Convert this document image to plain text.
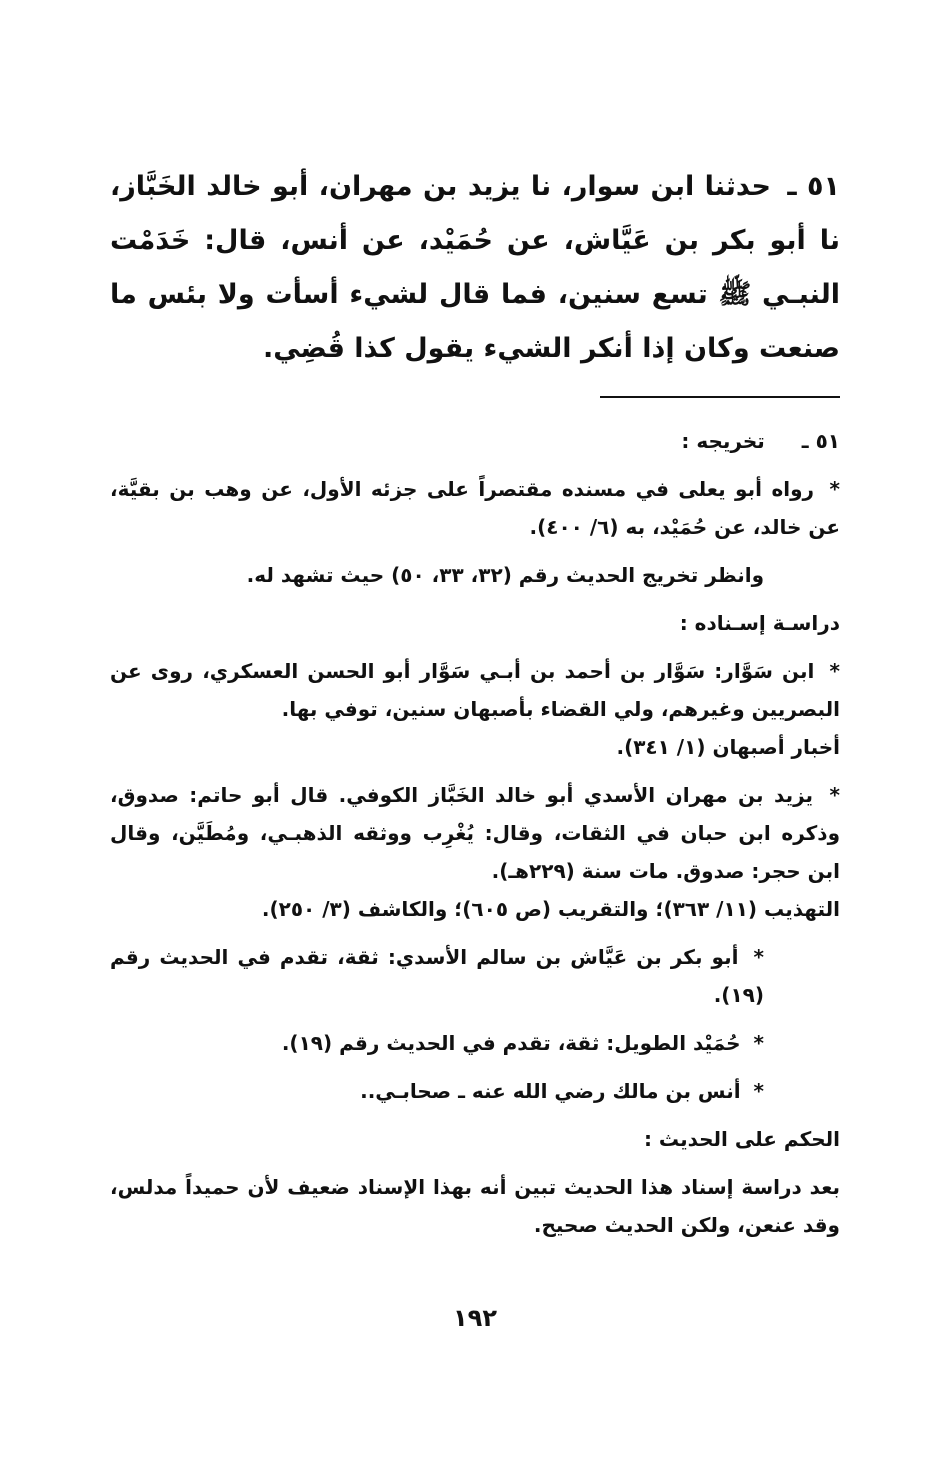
٥١ ـ حدثنا ابن سوار، نا يزيد بن مهران، أبو خالد الخَبَّاز، نا أبو بكر بن عَيَّاش، عن حُمَيْد، عن أنس، قال: خَدَمْت النبـي ﷺ تسع سنين، فما قال لشيء أسأت ولا بئس ما صنعت وكان إذا أنكر الشيء يقول كذا قُضِي.

٥١ ـ تخريجه :

* رواه أبو يعلى في مسنده مقتصراً على جزئه الأول، عن وهب بن بقيَّة، عن خالد، عن حُمَيْد، به (٦/ ٤٠٠).

وانظر تخريج الحديث رقم (٣٢، ٣٣، ٥٠) حيث تشهد له.

دراسـة إسـناده :

* ابن سَوَّار: سَوَّار بن أحمد بن أبـي سَوَّار أبو الحسن العسكري، روى عن البصريين وغيرهم، ولي القضاء بأصبهان سنين، توفي بها.

أخبار أصبهان (١/ ٣٤١).

* يزيد بن مهران الأسدي أبو خالد الخَبَّاز الكوفي. قال أبو حاتم: صدوق، وذكره ابن حبان في الثقات، وقال: يُغْرِب ووثقه الذهبـي، ومُطَيَّن، وقال ابن حجر: صدوق. مات سنة (٢٢٩هـ).

التهذيب (١١/ ٣٦٣)؛ والتقريب (ص ٦٠٥)؛ والكاشف (٣/ ٢٥٠).

* أبو بكر بن عَيَّاش بن سالم الأسدي: ثقة، تقدم في الحديث رقم (١٩).

* حُمَيْد الطويل: ثقة، تقدم في الحديث رقم (١٩).

* أنس بن مالك رضي الله عنه ـ صحابـي..

الحكم على الحديث :

بعد دراسة إسناد هذا الحديث تبين أنه بهذا الإسناد ضعيف لأن حميداً مدلس، وقد عنعن، ولكن الحديث صحيح.

١٩٢
